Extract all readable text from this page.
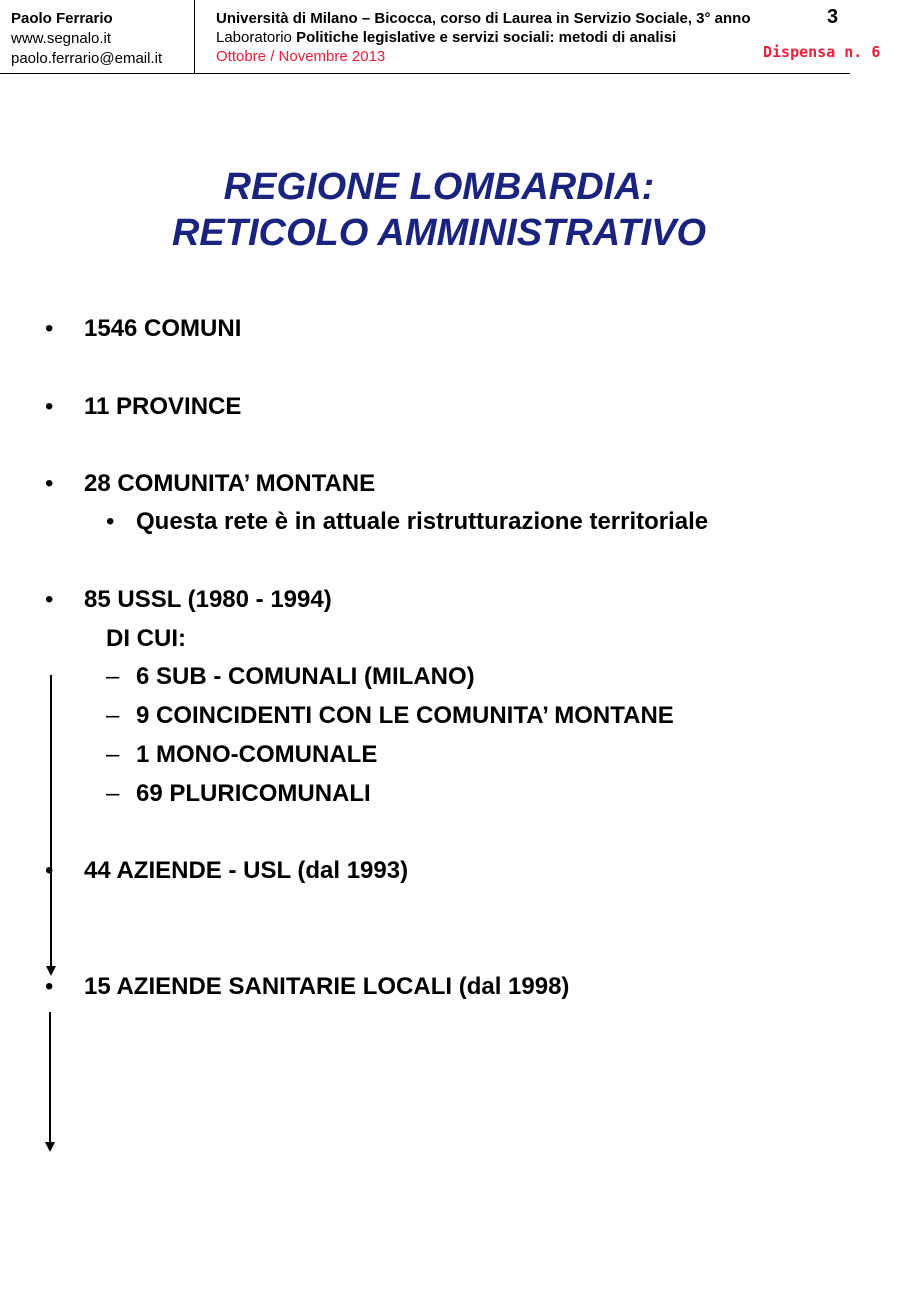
Paolo Ferrario
www.segnalo.it
paolo.ferrario@email.it
Università di Milano – Bicocca, corso di Laurea in Servizio Sociale, 3° anno
Laboratorio Politiche legislative e servizi sociali: metodi di analisi
Ottobre / Novembre 2013
3
Dispensa n. 6
REGIONE LOMBARDIA:
RETICOLO AMMINISTRATIVO
• 1546 COMUNI
• 11 PROVINCE
• 28 COMUNITA’ MONTANE
• Questa rete è in attuale ristrutturazione territoriale
• 85 USSL (1980 - 1994)
DI CUI:
– 6 SUB - COMUNALI (MILANO)
– 9 COINCIDENTI CON LE COMUNITA’ MONTANE
– 1 MONO-COMUNALE
– 69 PLURICOMUNALI
• 44 AZIENDE - USL (dal 1993)
• 15 AZIENDE SANITARIE LOCALI (dal 1998)
